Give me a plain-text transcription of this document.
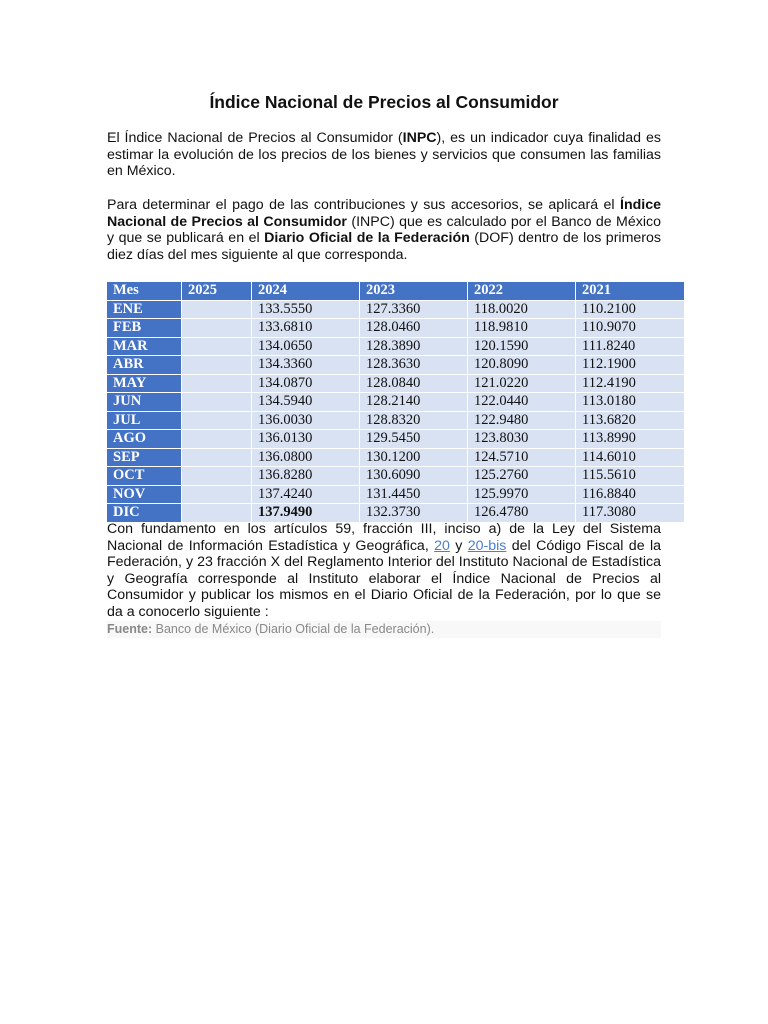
Índice Nacional de Precios al Consumidor

El Índice Nacional de Precios al Consumidor (INPC), es un indicador cuya finalidad es estimar la evolución de los precios de los bienes y servicios que consumen las familias en México.

Para determinar el pago de las contribuciones y sus accesorios, se aplicará el Índice Nacional de Precios al Consumidor (INPC) que es calculado por el Banco de México y que se publicará en el Diario Oficial de la Federación (DOF) dentro de los primeros diez días del mes siguiente al que corresponda.

Mes	2025	2024	2023	2022	2021
ENE		133.5550	127.3360	118.0020	110.2100
FEB		133.6810	128.0460	118.9810	110.9070
MAR		134.0650	128.3890	120.1590	111.8240
ABR		134.3360	128.3630	120.8090	112.1900
MAY		134.0870	128.0840	121.0220	112.4190
JUN		134.5940	128.2140	122.0440	113.0180
JUL		136.0030	128.8320	122.9480	113.6820
AGO		136.0130	129.5450	123.8030	113.8990
SEP		136.0800	130.1200	124.5710	114.6010
OCT		136.8280	130.6090	125.2760	115.5610
NOV		137.4240	131.4450	125.9970	116.8840
DIC		137.9490	132.3730	126.4780	117.3080

Con fundamento en los artículos 59, fracción III, inciso a) de la Ley del Sistema Nacional de Información Estadística y Geográfica, 20 y 20-bis del Código Fiscal de la Federación, y 23 fracción X del Reglamento Interior del Instituto Nacional de Estadística y Geografía corresponde al Instituto elaborar el Índice Nacional de Precios al Consumidor y publicar los mismos en el Diario Oficial de la Federación, por lo que se da a conocerlo siguiente :

Fuente: Banco de México (Diario Oficial de la Federación).
